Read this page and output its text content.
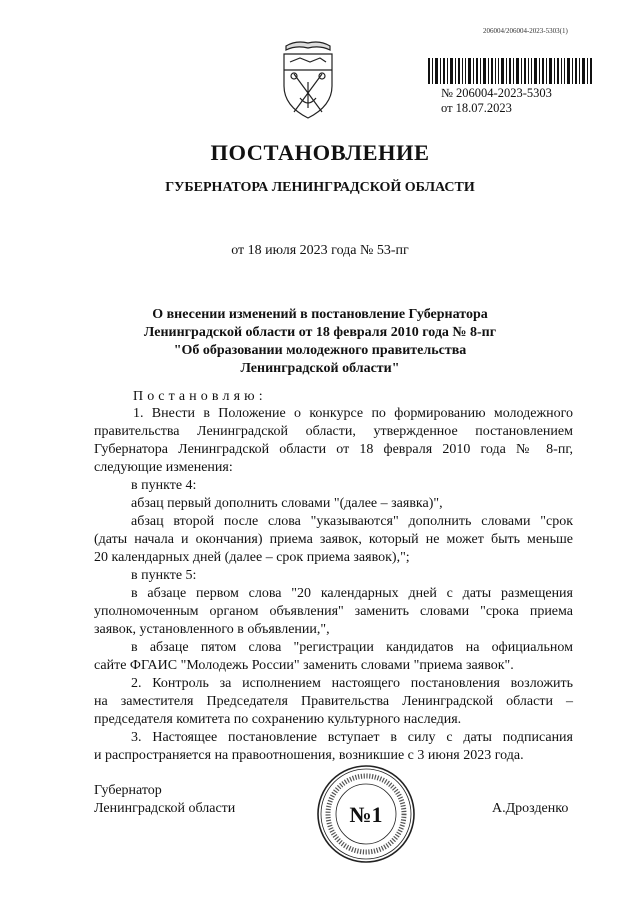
206004/206004-2023-5303(1)
№ 206004-2023-5303
от 18.07.2023
ПОСТАНОВЛЕНИЕ
ГУБЕРНАТОРА ЛЕНИНГРАДСКОЙ ОБЛАСТИ
от 18 июля 2023 года № 53-пг
О внесении изменений в постановление Губернатора
Ленинградской области от 18 февраля 2010 года № 8-пг
"Об образовании молодежного правительства
Ленинградской области"
П о с т а н о в л я ю :
1. Внести в Положение о конкурсе по формированию молодежного
правительства Ленинградской области, утвержденное постановлением
Губернатора Ленинградской области от 18 февраля 2010 года № 8-пг,
следующие изменения:
в пункте 4:
абзац первый дополнить словами "(далее – заявка)",
абзац второй после слова "указываются" дополнить словами "срок
(даты начала и окончания) приема заявок, который не может быть меньше
20 календарных дней (далее – срок приема заявок),";
в пункте 5:
в абзаце первом слова "20 календарных дней с даты размещения
уполномоченным органом объявления" заменить словами "срока приема
заявок, установленного в объявлении,",
в абзаце пятом слова "регистрации кандидатов на официальном
сайте ФГАИС "Молодежь России" заменить словами "приема заявок".
2. Контроль за исполнением настоящего постановления возложить
на заместителя Председателя Правительства Ленинградской области –
председателя комитета по сохранению культурного наследия.
3. Настоящее постановление вступает в силу с даты подписания
и распространяется на правоотношения, возникшие с 3 июня 2023 года.
Губернатор
Ленинградской области	А.Дрозденко
№1
